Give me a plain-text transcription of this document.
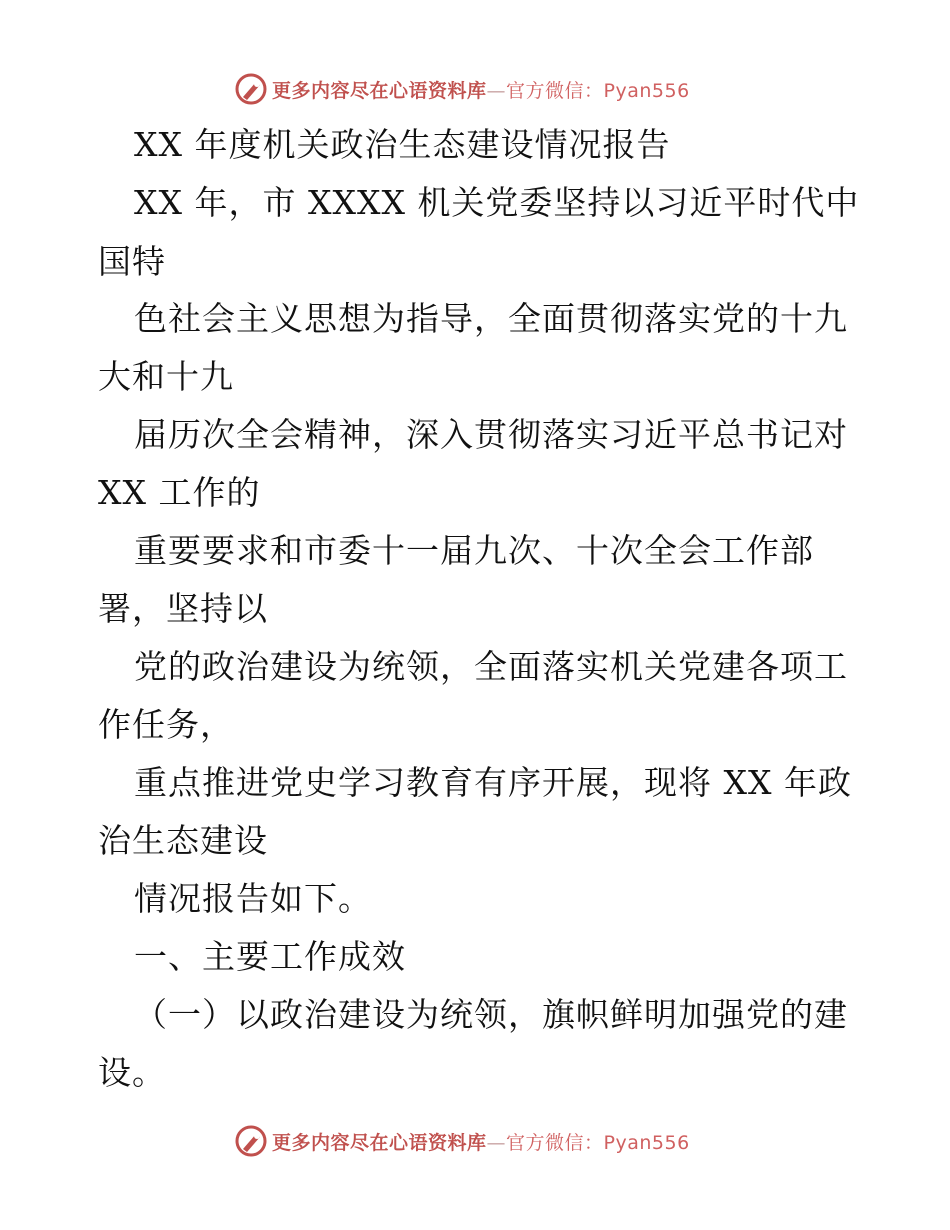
更多内容尽在心语资料库—官方微信：Pyan556
XX 年度机关政治生态建设情况报告
XX 年，市 XXXX 机关党委坚持以习近平时代中
国特
色社会主义思想为指导，全面贯彻落实党的十九
大和十九
届历次全会精神，深入贯彻落实习近平总书记对
XX 工作的
重要要求和市委十一届九次、十次全会工作部
署，坚持以
党的政治建设为统领，全面落实机关党建各项工
作任务，
重点推进党史学习教育有序开展，现将 XX 年政
治生态建设
情况报告如下。
一、主要工作成效
（一）以政治建设为统领，旗帜鲜明加强党的建
设。
更多内容尽在心语资料库—官方微信：Pyan556
